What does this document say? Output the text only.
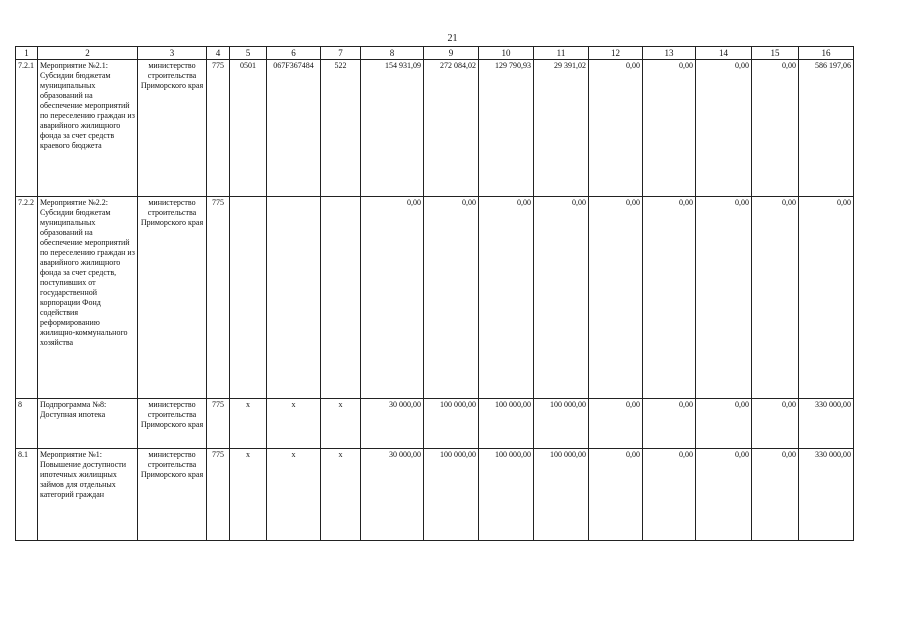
21
1	2	3	4	5	6	7	8	9	10	11	12	13	14	15	16
7.2.1	Мероприятие №2.1: Субсидии бюджетам муниципальных образований на обеспечение мероприятий по переселению граждан из аварийного жилищного фонда за счет средств краевого бюджета	министерство строительства Приморского края	775	0501	067F367484	522	154 931,09	272 084,02	129 790,93	29 391,02	0,00	0,00	0,00	0,00	586 197,06
7.2.2	Мероприятие №2.2: Субсидии бюджетам муниципальных образований на обеспечение мероприятий по переселению граждан из аварийного жилищного фонда за счет средств, поступивших от государственной корпорации Фонд содействия реформированию жилищно-коммунального хозяйства	министерство строительства Приморского края	775				0,00	0,00	0,00	0,00	0,00	0,00	0,00	0,00	0,00
8	Подпрограмма №8: Доступная ипотека	министерство строительства Приморского края	775	х	х	х	30 000,00	100 000,00	100 000,00	100 000,00	0,00	0,00	0,00	0,00	330 000,00
8.1	Мероприятие №1: Повышение доступности ипотечных жилищных займов для отдельных категорий граждан	министерство строительства Приморского края	775	х	х	х	30 000,00	100 000,00	100 000,00	100 000,00	0,00	0,00	0,00	0,00	330 000,00
